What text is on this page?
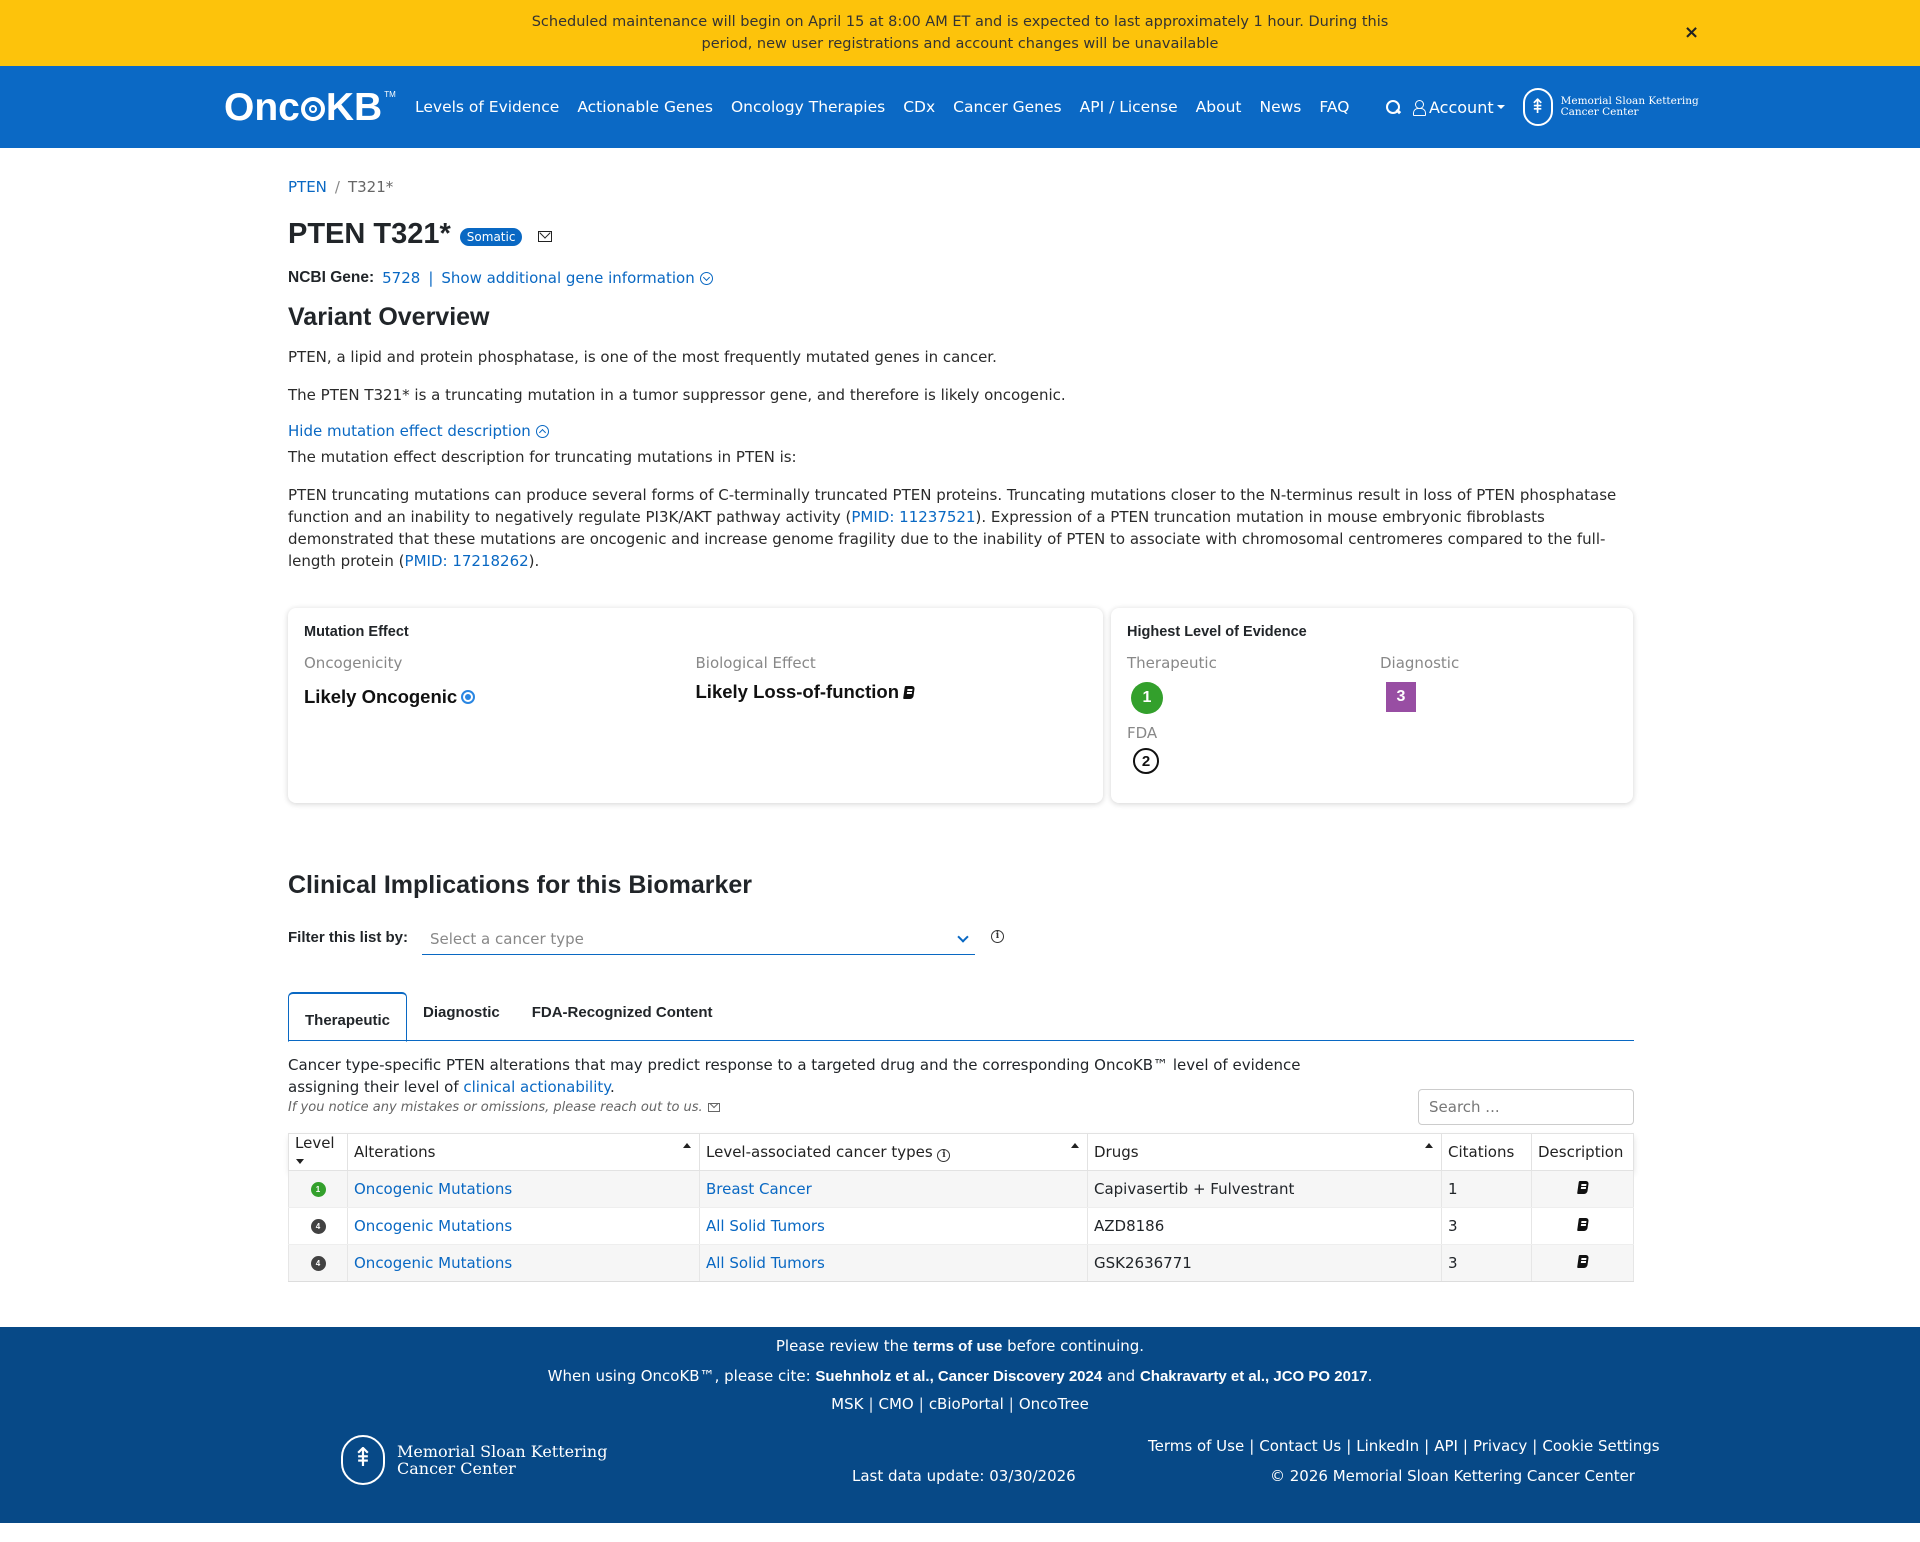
Scheduled maintenance will begin on April 15 at 8:00 AM ET and is expected to last approximately 1 hour. During this period, new user registrations and account changes will be unavailable
×
Onc KB TM
Levels of Evidence Actionable Genes Oncology Therapies CDx Cancer Genes API / License About News FAQ	Account ⇞	Memorial Sloan Kettering
Cancer Center
PTEN / T321*
PTEN T321*	Somatic
NCBI Gene: 5728 | Show additional gene information
Variant Overview

PTEN, a lipid and protein phosphatase, is one of the most frequently mutated genes in cancer.

The PTEN T321* is a truncating mutation in a tumor suppressor gene, and therefore is likely oncogenic.

Hide mutation effect description

The mutation effect description for truncating mutations in PTEN is:

PTEN truncating mutations can produce several forms of C-terminally truncated PTEN proteins. Truncating mutations closer to the N-terminus result in loss of PTEN phosphatase function and an inability to negatively regulate PI3K/AKT pathway activity (PMID: 11237521). Expression of a PTEN truncation mutation in mouse embryonic fibroblasts demonstrated that these mutations are oncogenic and increase genome fragility due to the inability of PTEN to associate with chromosomal centromeres compared to the full-length protein (PMID: 17218262).

Mutation Effect
Oncogenicity
Likely Oncogenic
Biological Effect
Likely Loss-of-function
Highest Level of Evidence
Therapeutic
1
Diagnostic
3
FDA
2
Clinical Implications for this Biomarker
Filter this list by: Select a cancer type	i
Therapeutic	Diagnostic	FDA-Recognized Content

Cancer type-specific PTEN alterations that may predict response to a targeted drug and the corresponding OncoKB™ level of evidence assigning their level of clinical actionability.

If you notice any mistakes or omissions, please reach out to us.
Search ...
Level	Alterations	Level-associated cancer types i	Drugs	Citations	Description

1	Oncogenic Mutations	Breast Cancer	Capivasertib + Fulvestrant	1	

4	Oncogenic Mutations	All Solid Tumors	AZD8186	3	

4	Oncogenic Mutations	All Solid Tumors	GSK2636771	3	
Please review the terms of use before continuing.
When using OncoKB™, please cite: Suehnholz et al., Cancer Discovery 2024 and Chakravarty et al., JCO PO 2017.
MSK | CMO | cBioPortal | OncoTree
⇞
Memorial Sloan Kettering
Cancer Center	Last data update: 03/30/2026
Terms of Use | Contact Us | LinkedIn | API | Privacy | Cookie Settings
© 2026 Memorial Sloan Kettering Cancer Center
